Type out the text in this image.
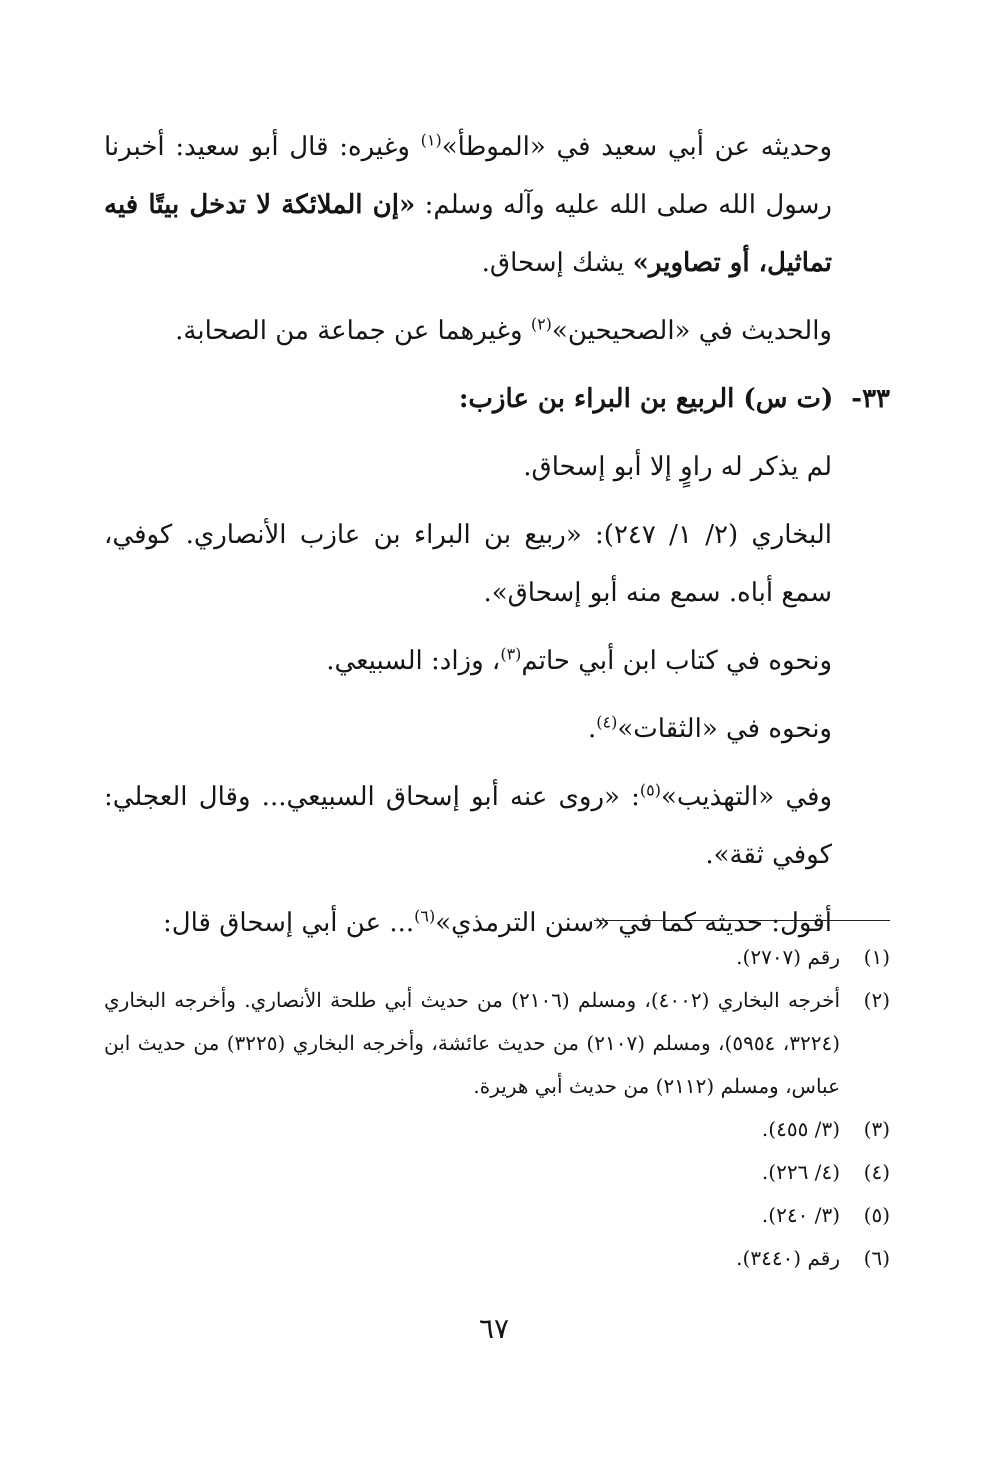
وحديثه عن أبي سعيد في «الموطأ»$^{(١)}$ وغيره: قال أبو سعيد: أخبرنا رسول الله صلى الله عليه وآله وسلم: «إن الملائكة لا تدخل بيتًا فيه تماثيل، أو تصاوير» يشك إسحاق.

والحديث في «الصحيحين»$^{(٢)}$ وغيرهما عن جماعة من الصحابة.

٣٣-(ت س) الربيع بن البراء بن عازب:

لم يذكر له راوٍ إلا أبو إسحاق.

البخاري (٢/ ١/ ٢٤٧): «ربيع بن البراء بن عازب الأنصاري. كوفي، سمع أباه. سمع منه أبو إسحاق».

ونحوه في كتاب ابن أبي حاتم$^{(٣)}$، وزاد: السبيعي.

ونحوه في «الثقات»$^{(٤)}$.

وفي «التهذيب»$^{(٥)}$: «روى عنه أبو إسحاق السبيعي... وقال العجلي: كوفي ثقة».

أقول: حديثه كما في «سنن الترمذي»$^{(٦)}$... عن أبي إسحاق قال:

(١)
رقم (٢٧٠٧).
(٢)
أخرجه البخاري (٤٠٠٢)، ومسلم (٢١٠٦) من حديث أبي طلحة الأنصاري. وأخرجه البخاري (٣٢٢٤، ٥٩٥٤)، ومسلم (٢١٠٧) من حديث عائشة، وأخرجه البخاري (٣٢٢٥) من حديث ابن عباس، ومسلم (٢١١٢) من حديث أبي هريرة.
(٣)
(٣/ ٤٥٥).
(٤)
(٤/ ٢٢٦).
(٥)
(٣/ ٢٤٠).
(٦)
رقم (٣٤٤٠).
٦٧
